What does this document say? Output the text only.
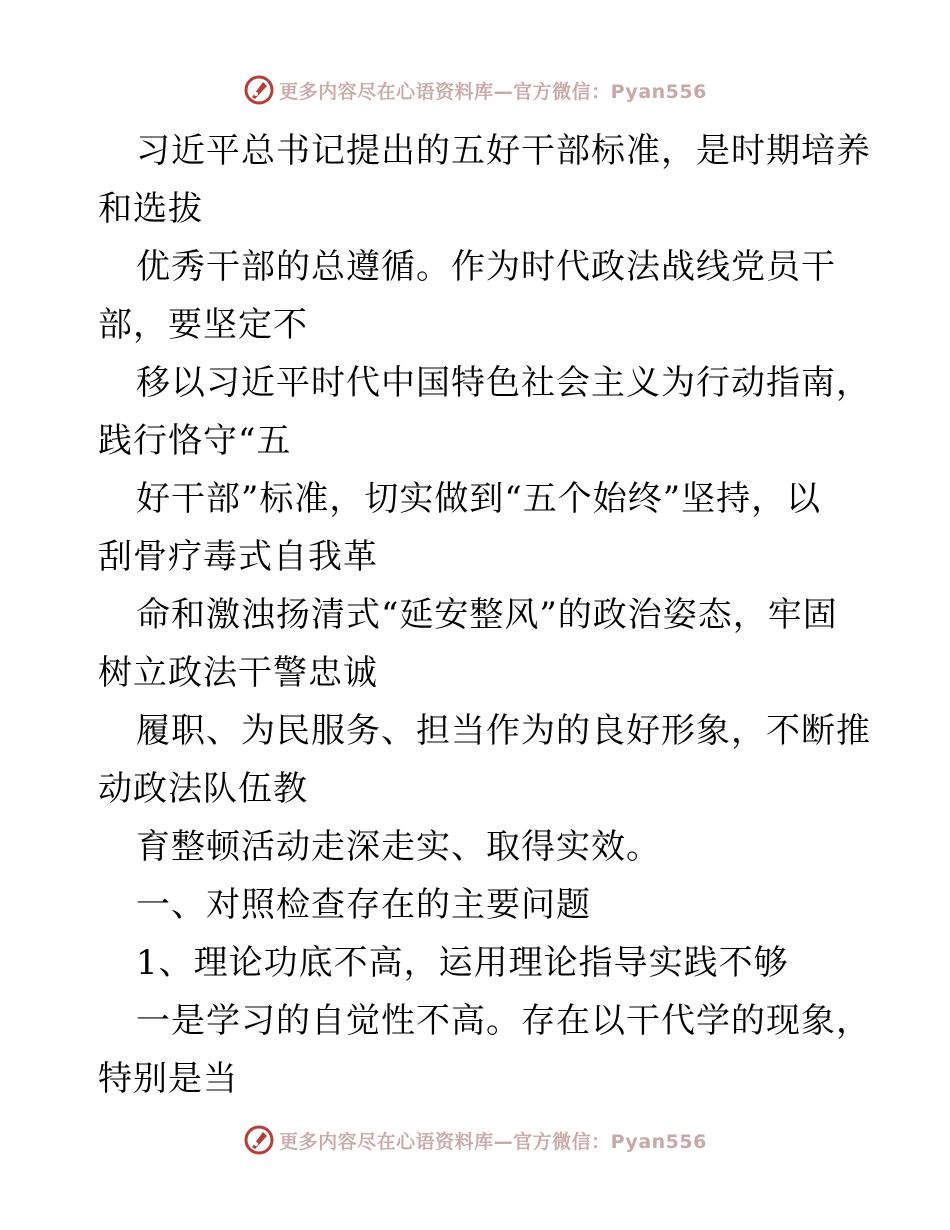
更多内容尽在心语资料库—官方微信：Pyan556
习近平总书记提出的五好干部标准，是时期培养
和选拔
优秀干部的总遵循。作为时代政法战线党员干
部，要坚定不
移以习近平时代中国特色社会主义为行动指南，
践行恪守“五
好干部”标准，切实做到“五个始终”坚持，以
刮骨疗毒式自我革
命和激浊扬清式“延安整风”的政治姿态，牢固
树立政法干警忠诚
履职、为民服务、担当作为的良好形象，不断推
动政法队伍教
育整顿活动走深走实、取得实效。
一、对照检查存在的主要问题
1、理论功底不高，运用理论指导实践不够
一是学习的自觉性不高。存在以干代学的现象，
特别是当
更多内容尽在心语资料库—官方微信：Pyan556
